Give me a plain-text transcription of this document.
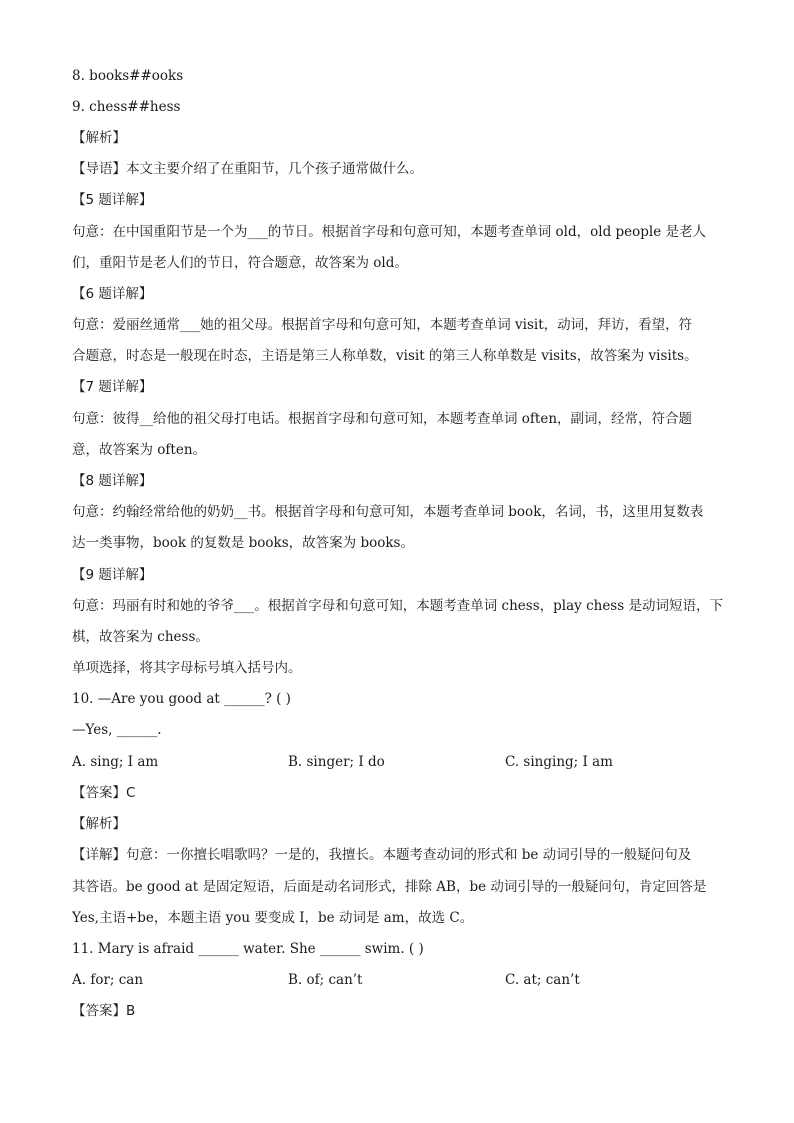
8. books##ooks
9. chess##hess
【解析】
【导语】本文主要介绍了在重阳节，几个孩子通常做什么。
【5 题详解】
句意：在中国重阳节是一个为___的节日。根据首字母和句意可知，本题考查单词 old，old people 是老人
们，重阳节是老人们的节日，符合题意，故答案为 old。
【6 题详解】
句意：爱丽丝通常___她的祖父母。根据首字母和句意可知，本题考查单词 visit，动词，拜访，看望，符
合题意，时态是一般现在时态，主语是第三人称单数，visit 的第三人称单数是 visits，故答案为 visits。
【7 题详解】
句意：彼得__给他的祖父母打电话。根据首字母和句意可知，本题考查单词 often，副词，经常，符合题
意，故答案为 often。
【8 题详解】
句意：约翰经常给他的奶奶__书。根据首字母和句意可知，本题考查单词 book，名词，书，这里用复数表
达一类事物，book 的复数是 books，故答案为 books。
【9 题详解】
句意：玛丽有时和她的爷爷___。根据首字母和句意可知，本题考查单词 chess，play chess 是动词短语，下
棋，故答案为 chess。
单项选择，将其字母标号填入括号内。
10. —Are you good at ______? ( )
—Yes, ______.
A. sing; I am	B. singer; I do	C. singing; I am
【答案】C
【解析】
【详解】句意：一你擅长唱歌吗？一是的，我擅长。本题考查动词的形式和 be 动词引导的一般疑问句及
其答语。be good at 是固定短语，后面是动名词形式，排除 AB，be 动词引导的一般疑问句，肯定回答是
Yes,主语+be，本题主语 you 要变成 I，be 动词是 am，故选 C。
11. Mary is afraid ______ water. She ______ swim. ( )
A. for; can	B. of; can’t	C. at; can’t
【答案】B
